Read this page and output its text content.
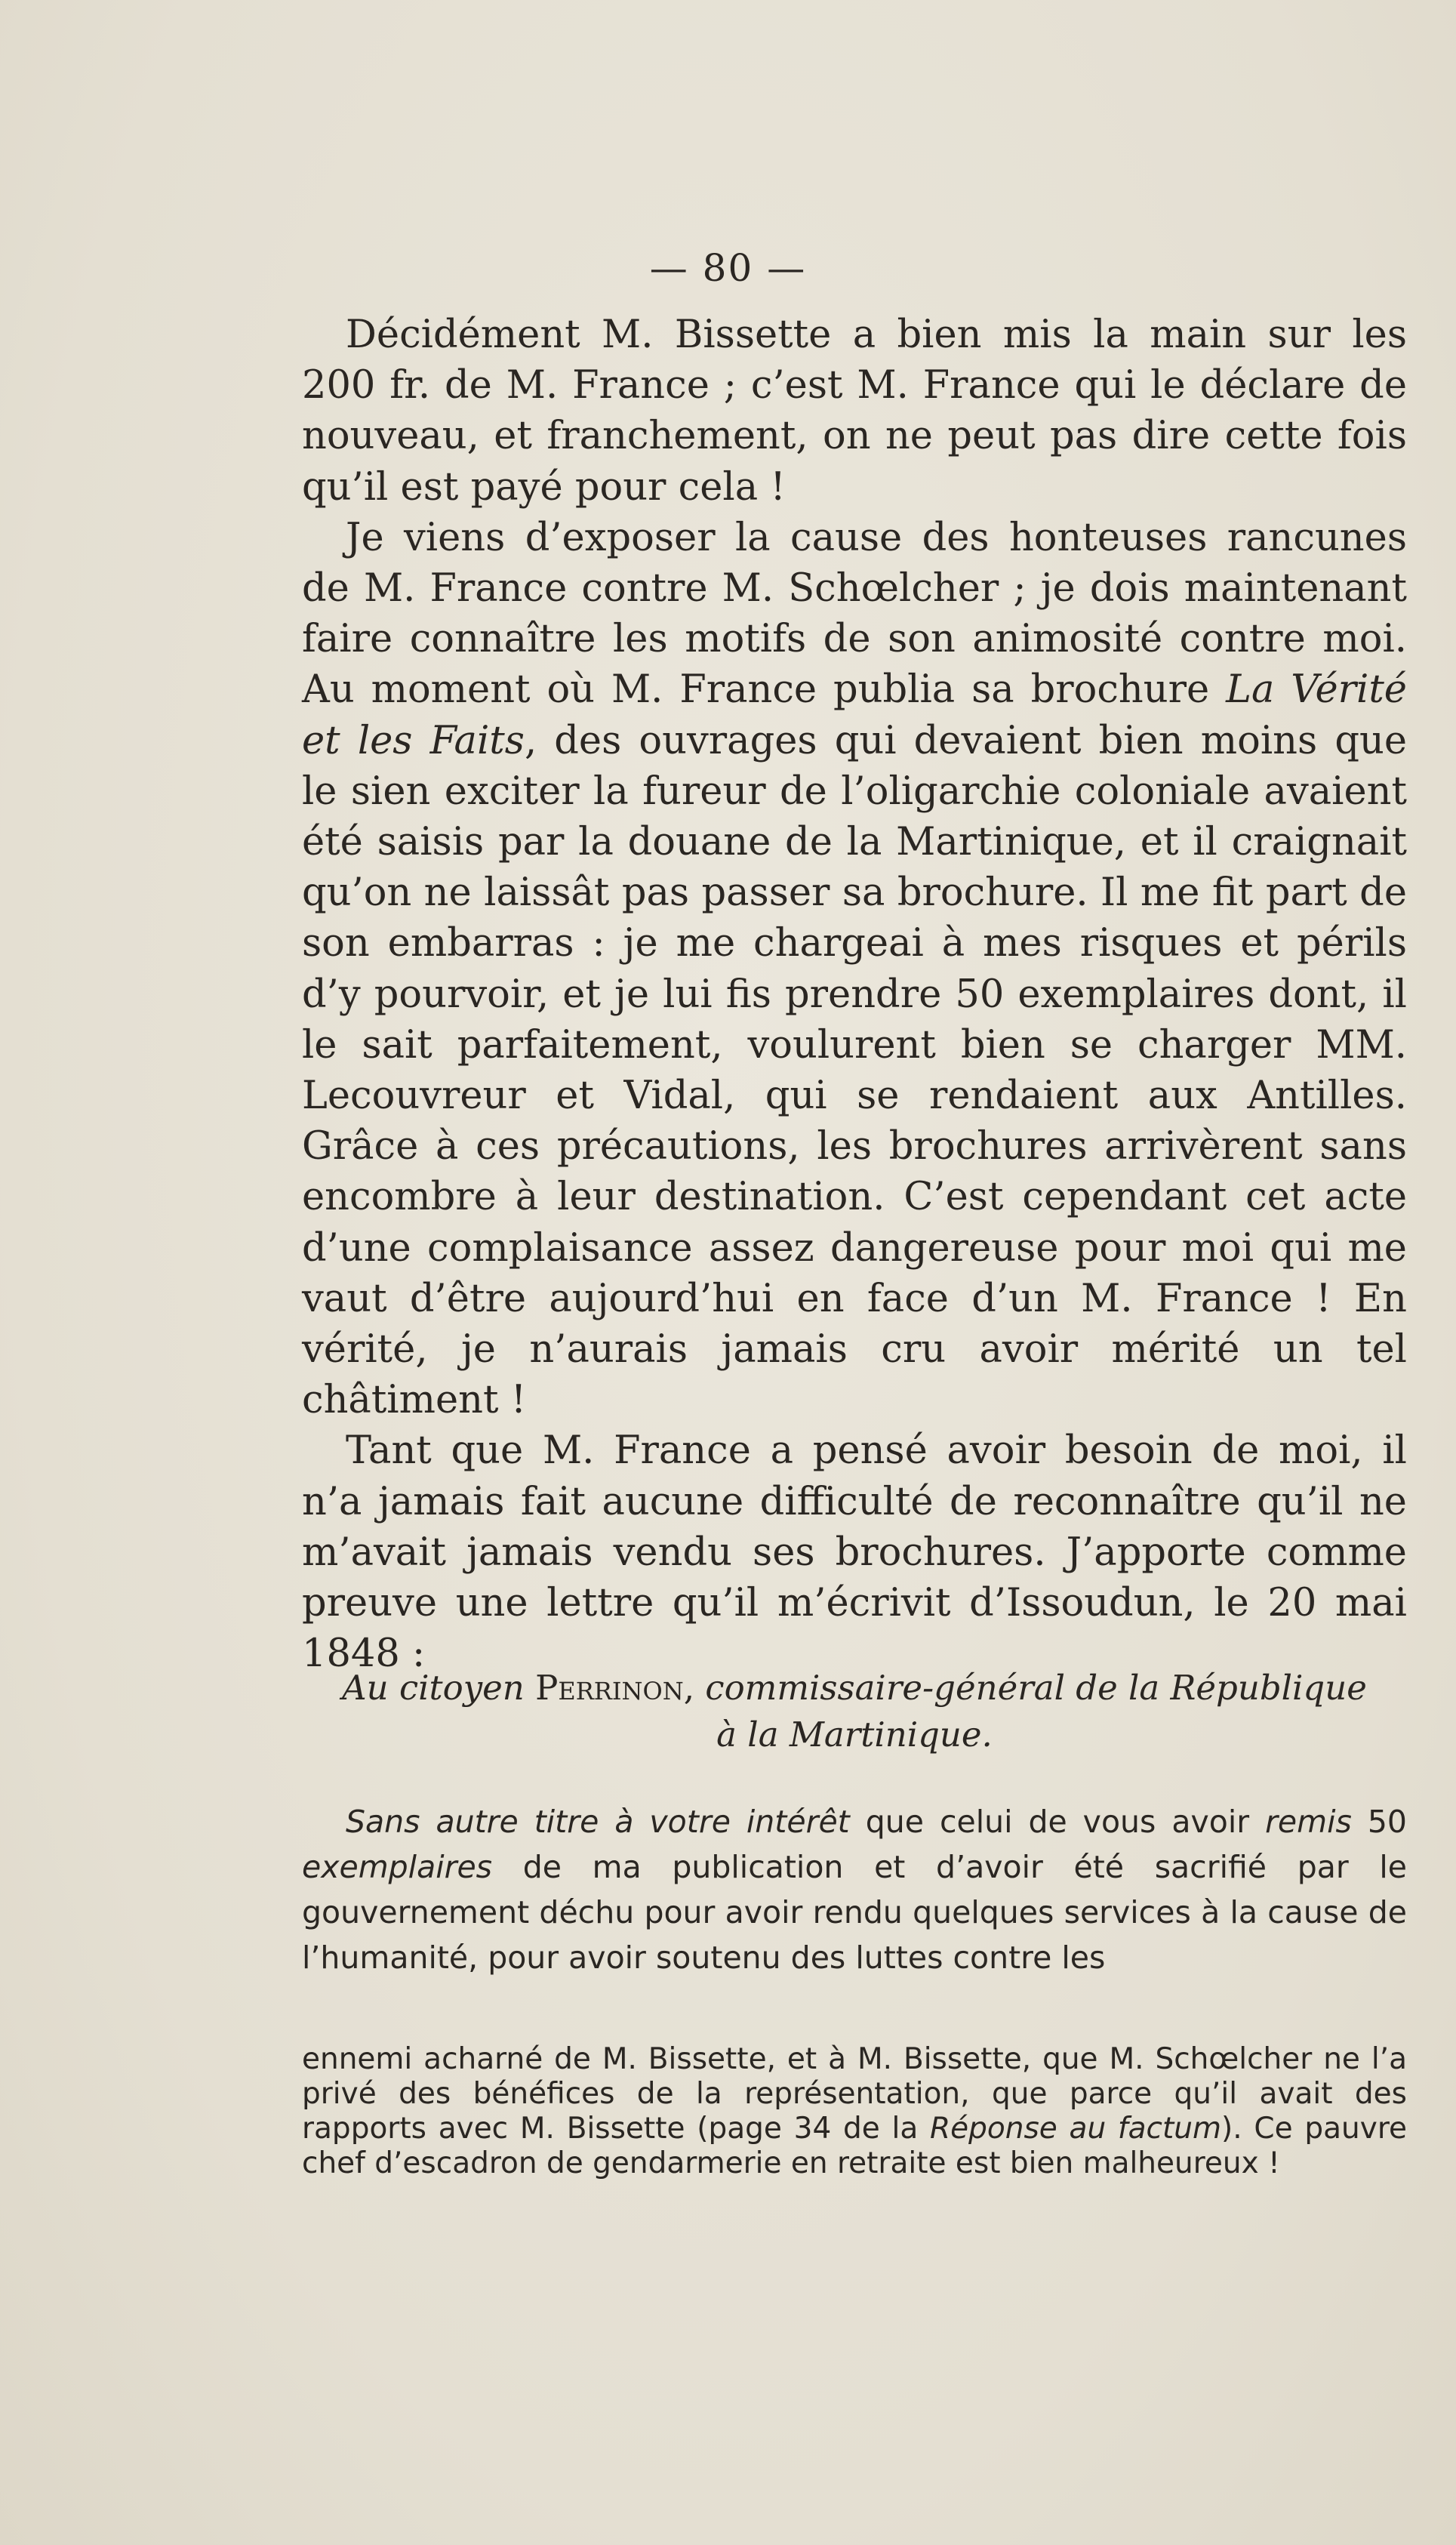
— 80 —

Décidément M. Bissette a bien mis la main sur les 200 fr. de M. France ; c’est M. France qui le déclare de nouveau, et franchement, on ne peut pas dire cette fois qu’il est payé pour cela !

Je viens d’exposer la cause des honteuses rancunes de M. France contre M. Schœlcher ; je dois maintenant faire connaître les motifs de son animosité contre moi. Au moment où M. France publia sa brochure La Vérité et les Faits, des ouvrages qui devaient bien moins que le sien exciter la fureur de l’oligarchie coloniale avaient été saisis par la douane de la Martinique, et il craignait qu’on ne laissât pas passer sa brochure. Il me fit part de son embarras : je me chargeai à mes risques et périls d’y pourvoir, et je lui fis prendre 50 exemplaires dont, il le sait parfaitement, voulurent bien se charger MM. Lecouvreur et Vidal, qui se rendaient aux Antilles. Grâce à ces précautions, les brochures arrivèrent sans encombre à leur destination. C’est cependant cet acte d’une complaisance assez dangereuse pour moi qui me vaut d’être aujourd’hui en face d’un M. France ! En vérité, je n’aurais jamais cru avoir mérité un tel châtiment !

Tant que M. France a pensé avoir besoin de moi, il n’a jamais fait aucune difficulté de reconnaître qu’il ne m’avait jamais vendu ses brochures. J’apporte comme preuve une lettre qu’il m’écrivit d’Issoudun, le 20 mai 1848 :

Au citoyen Perrinon, commissaire-général de la République
à la Martinique.
Sans autre titre à votre intérêt que celui de vous avoir remis 50 exemplaires de ma publication et d’avoir été sacrifié par le gouvernement déchu pour avoir rendu quelques services à la cause de l’humanité, pour avoir soutenu des luttes contre les
ennemi acharné de M. Bissette, et à M. Bissette, que M. Schœlcher ne l’a privé des bénéfices de la représentation, que parce qu’il avait des rapports avec M. Bissette (page 34 de la Réponse au factum). Ce pauvre chef d’escadron de gendarmerie en retraite est bien malheureux !
